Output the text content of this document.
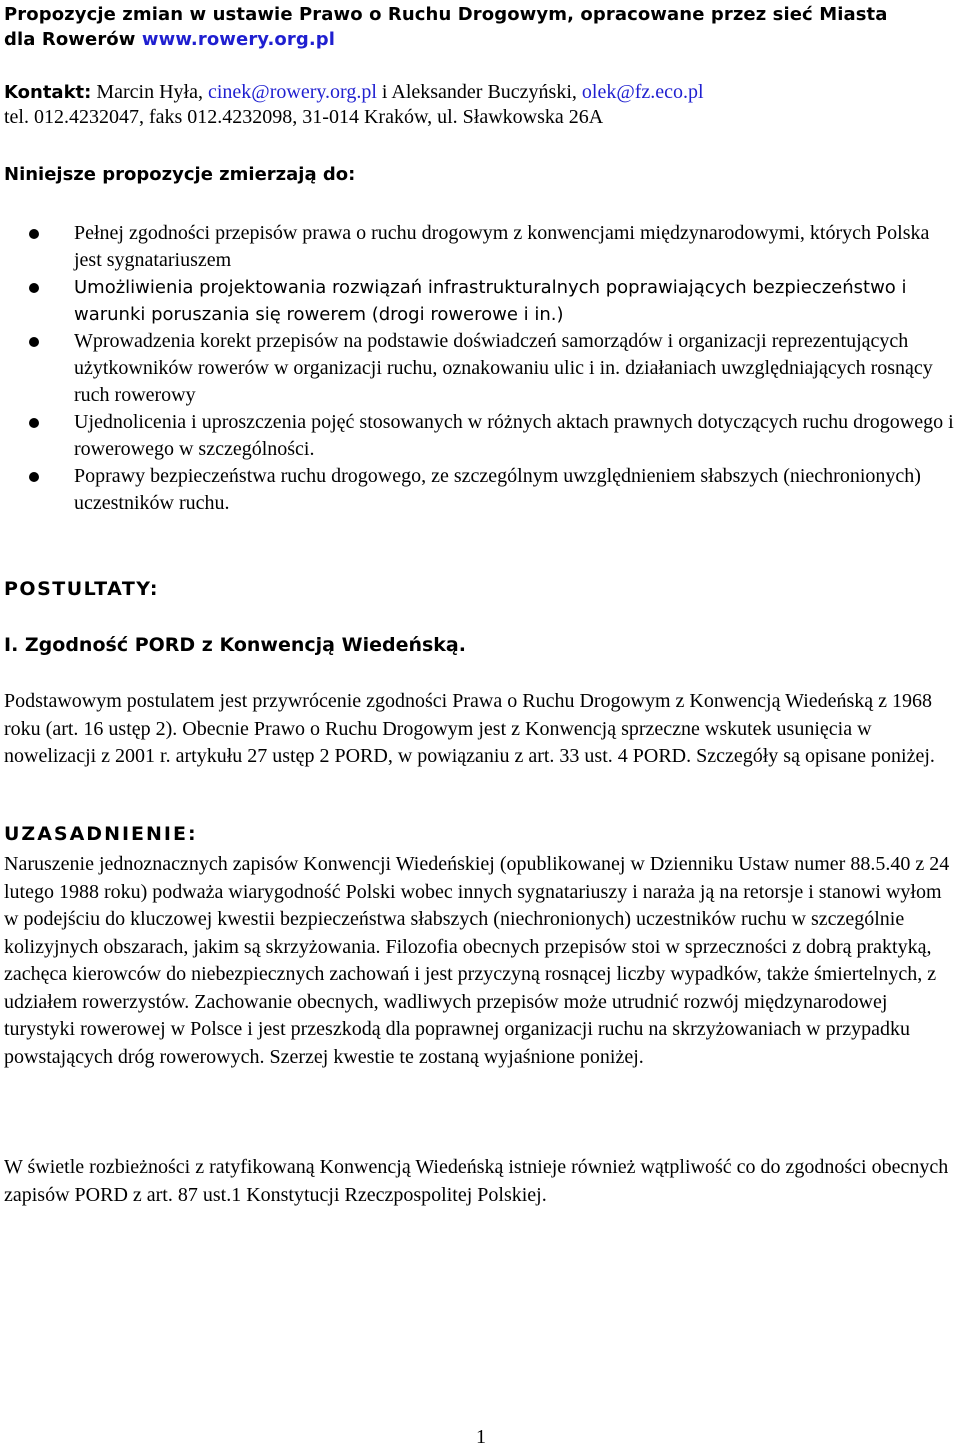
Propozycje zmian w ustawie Prawo o Ruchu Drogowym, opracowane przez sieć Miasta
dla Rowerów www.rowery.org.pl
Kontakt: Marcin Hyła, cinek@rowery.org.pl i Aleksander Buczyński, olek@fz.eco.pl
tel. 012.4232047, faks 012.4232098, 31-014 Kraków, ul. Sławkowska 26A
Niniejsze propozycje zmierzają do:
Pełnej zgodności przepisów prawa o ruchu drogowym z konwencjami międzynarodowymi, których Polska jest sygnatariuszem
Umożliwienia projektowania rozwiązań infrastrukturalnych poprawiających bezpieczeństwo i warunki poruszania się rowerem (drogi rowerowe i in.)
Wprowadzenia korekt przepisów na podstawie doświadczeń samorządów i organizacji reprezentujących użytkowników rowerów w organizacji ruchu, oznakowaniu ulic i in. działaniach uwzględniających rosnący ruch rowerowy
Ujednolicenia i uproszczenia pojęć stosowanych w różnych aktach prawnych dotyczących ruchu drogowego i rowerowego w szczególności.
Poprawy bezpieczeństwa ruchu drogowego, ze szczególnym uwzględnieniem słabszych (niechronionych) uczestników ruchu.
POSTULTATY:
I. Zgodność PORD z Konwencją Wiedeńską.
Podstawowym postulatem jest przywrócenie zgodności Prawa o Ruchu Drogowym z Konwencją Wiedeńską z 1968 roku (art. 16 ustęp 2). Obecnie Prawo o Ruchu Drogowym jest z Konwencją sprzeczne wskutek usunięcia w nowelizacji z 2001 r. artykułu 27 ustęp 2 PORD, w powiązaniu z art. 33 ust. 4 PORD. Szczegóły są opisane poniżej.
UZASADNIENIE:
Naruszenie jednoznacznych zapisów Konwencji Wiedeńskiej (opublikowanej w Dzienniku Ustaw numer 88.5.40 z 24 lutego 1988 roku) podważa wiarygodność Polski wobec innych sygnatariuszy i naraża ją na retorsje i stanowi wyłom w podejściu do kluczowej kwestii bezpieczeństwa słabszych (niechronionych) uczestników ruchu w szczególnie kolizyjnych obszarach, jakim są skrzyżowania. Filozofia obecnych przepisów stoi w sprzeczności z dobrą praktyką, zachęca kierowców do niebezpiecznych zachowań i jest przyczyną rosnącej liczby wypadków, także śmiertelnych, z udziałem rowerzystów. Zachowanie obecnych, wadliwych przepisów może utrudnić rozwój międzynarodowej turystyki rowerowej w Polsce i jest przeszkodą dla poprawnej organizacji ruchu na skrzyżowaniach w przypadku powstających dróg rowerowych. Szerzej kwestie te zostaną wyjaśnione poniżej.
W świetle rozbieżności z ratyfikowaną Konwencją Wiedeńską istnieje również wątpliwość co do zgodności obecnych zapisów PORD z art. 87 ust.1 Konstytucji Rzeczpospolitej Polskiej.
1
